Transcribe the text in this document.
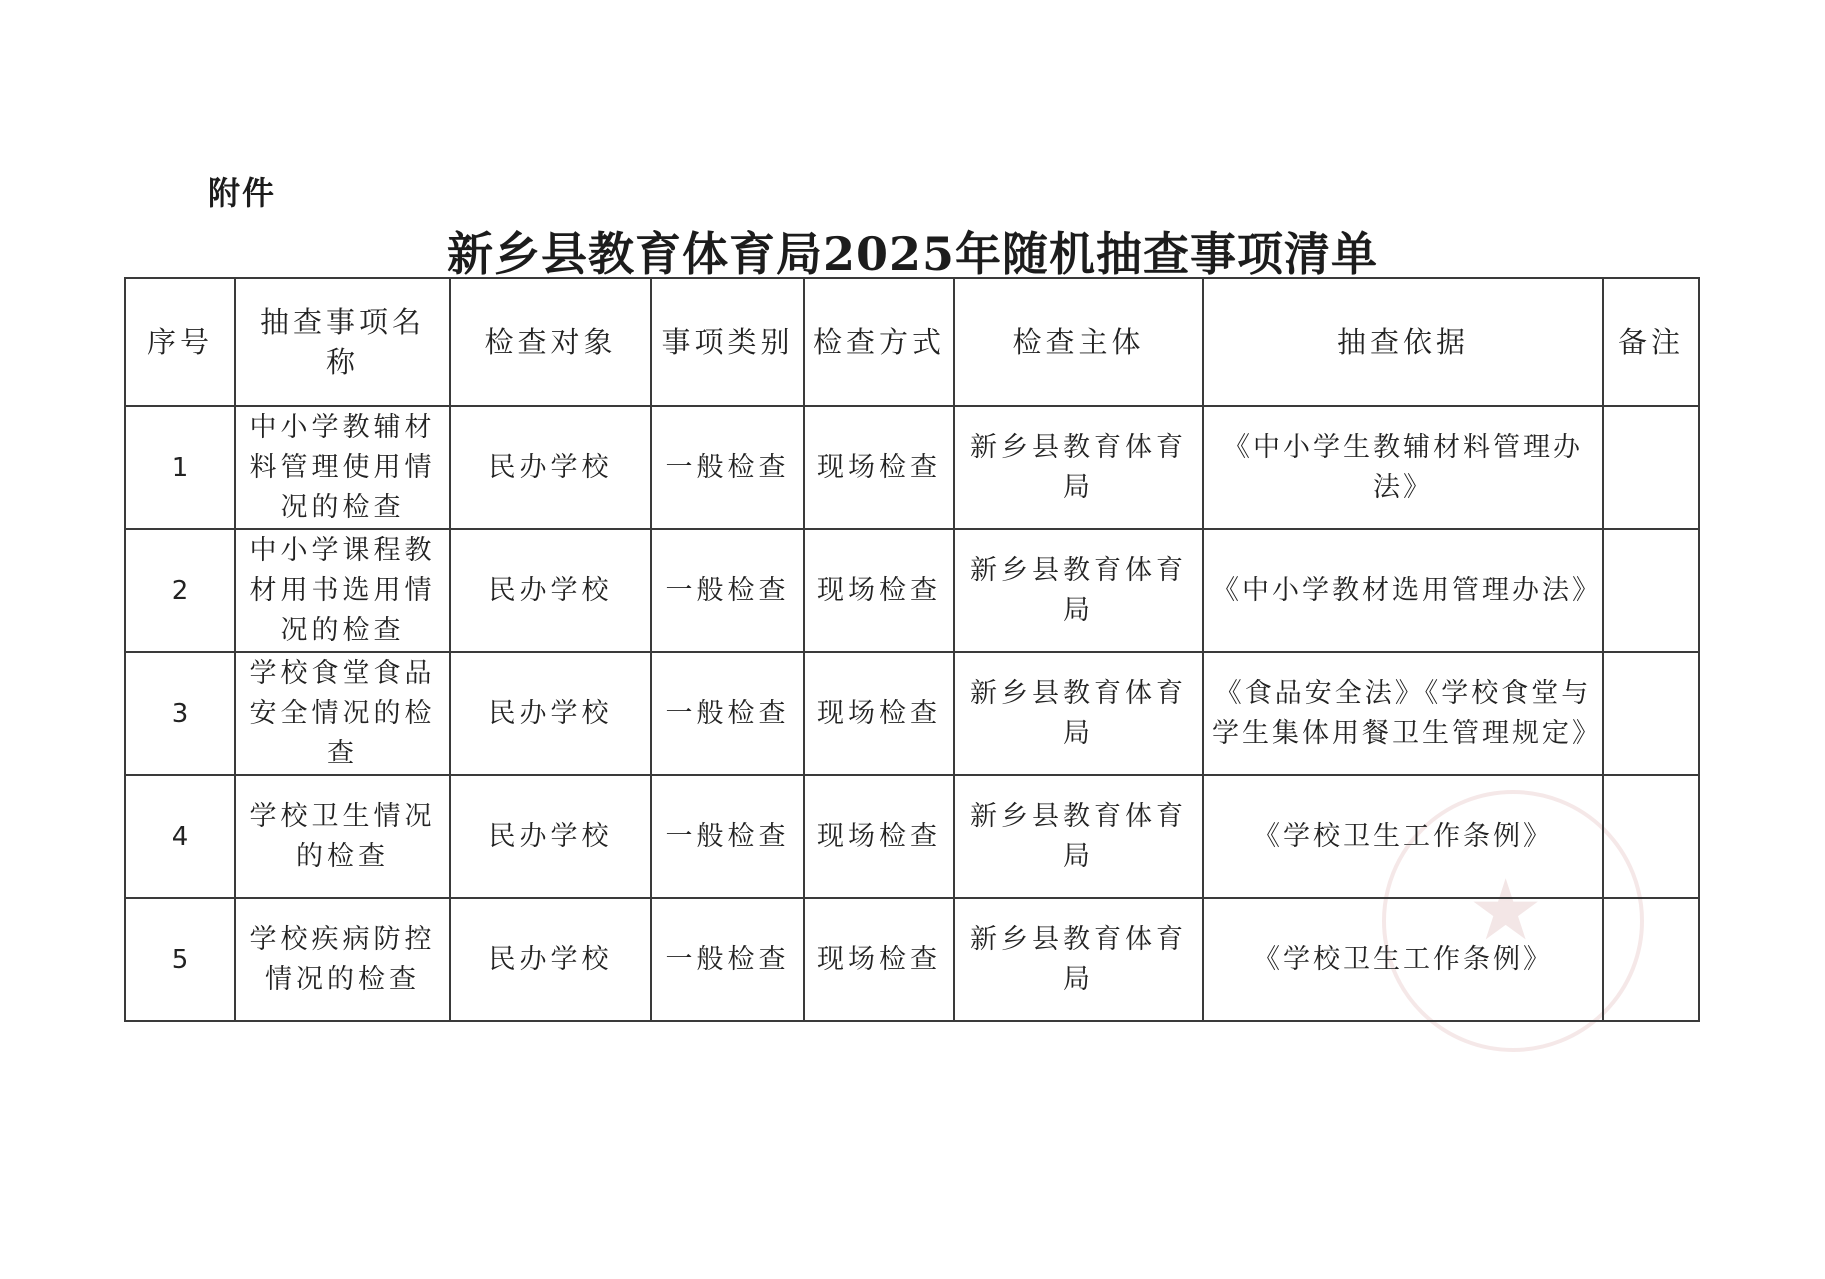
附件
新乡县教育体育局2025年随机抽查事项清单
★
序号	抽查事项名称	检查对象	事项类别	检查方式	检查主体	抽查依据	备注
1	中小学教辅材料管理使用情况的检查	民办学校	一般检查	现场检查	新乡县教育体育局	《中小学生教辅材料管理办法》	
2	中小学课程教材用书选用情况的检查	民办学校	一般检查	现场检查	新乡县教育体育局	《中小学教材选用管理办法》	
3	学校食堂食品安全情况的检查	民办学校	一般检查	现场检查	新乡县教育体育局	《食品安全法》《学校食堂与学生集体用餐卫生管理规定》	
4	学校卫生情况的检查	民办学校	一般检查	现场检查	新乡县教育体育局	《学校卫生工作条例》	
5	学校疾病防控情况的检查	民办学校	一般检查	现场检查	新乡县教育体育局	《学校卫生工作条例》	
